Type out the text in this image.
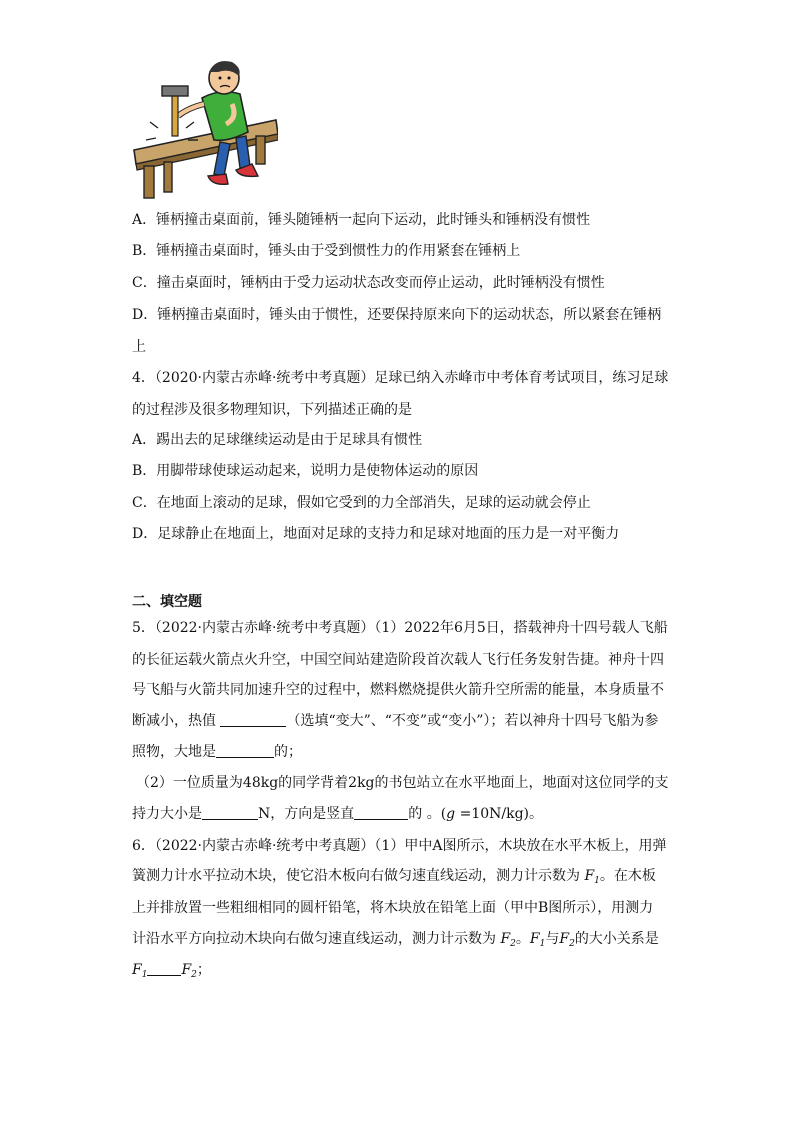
A．锤柄撞击桌面前，锤头随锤柄一起向下运动，此时锤头和锤柄没有惯性
B．锤柄撞击桌面时，锤头由于受到惯性力的作用紧套在锤柄上
C．撞击桌面时，锤柄由于受力运动状态改变而停止运动，此时锤柄没有惯性
D．锤柄撞击桌面时，锤头由于惯性，还要保持原来向下的运动状态，所以紧套在锤柄
上
4．（2020·内蒙古赤峰·统考中考真题）足球已纳入赤峰市中考体育考试项目，练习足球
的过程涉及很多物理知识，下列描述正确的是
A．踢出去的足球继续运动是由于足球具有惯性
B．用脚带球使球运动起来，说明力是使物体运动的原因
C．在地面上滚动的足球，假如它受到的力全部消失，足球的运动就会停止
D．足球静止在地面上，地面对足球的支持力和足球对地面的压力是一对平衡力
二、填空题
5．（2022·内蒙古赤峰·统考中考真题）（1）2022年6月5日，搭载神舟十四号载人飞船
的长征运载火箭点火升空，中国空间站建造阶段首次载人飞行任务发射告捷。神舟十四
号飞船与火箭共同加速升空的过程中，燃料燃烧提供火箭升空所需的能量，本身质量不
断减小，热值	（选填“变大”、“不变”或“变小”）；若以神舟十四号飞船为参
照物，大地是	的；
（2）一位质量为48kg的同学背着2kg的书包站立在水平地面上，地面对这位同学的支
持力大小是	N，方向是竖直	的 。(g =10N/kg)。
6．（2022·内蒙古赤峰·统考中考真题）（1）甲中A图所示，木块放在水平木板上，用弹
簧测力计水平拉动木块，使它沿木板向右做匀速直线运动，测力计示数为 $F_1$。在木板
上并排放置一些粗细相同的圆杆铅笔，将木块放在铅笔上面（甲中B图所示），用测力
计沿水平方向拉动木块向右做匀速直线运动，测力计示数为 $F_2$。$F_1$与$F_2$的大小关系是
$F_1$ $F_2$；
